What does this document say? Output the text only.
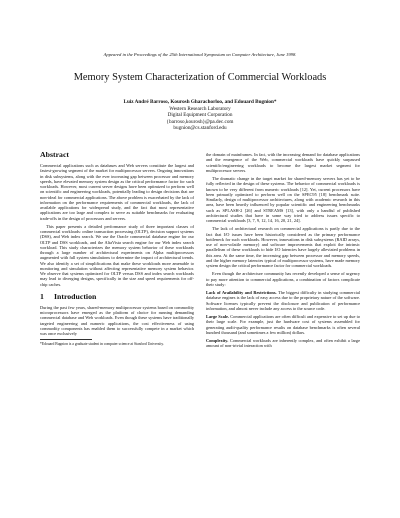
Appeared in the Proceedings of the 25th International Symposium on Computer Architecture, June 1998.
Memory System Characterization of Commercial Workloads
Luiz André Barroso, Kourosh Gharachorloo, and Edouard Bugnion*
Western Research Laboratory
Digital Equipment Corporation
{barroso,kourosh}@pa.dec.com
bugnion@cs.stanford.edu
Abstract

Commercial applications such as databases and Web servers constitute the largest and fastest-growing segment of the market for multiprocessor servers. Ongoing innovations in disk subsystems, along with the ever increasing gap between processor and memory speeds, have elevated memory system design as the critical performance factor for such workloads. However, most current server designs have been optimized to perform well on scientific and engineering workloads, potentially leading to design decisions that are non-ideal for commercial applications. The above problem is exacerbated by the lack of information on the performance requirements of commercial workloads, the lack of available applications for widespread study, and the fact that most representative applications are too large and complex to serve as suitable benchmarks for evaluating trade-offs in the design of processors and servers.

This paper presents a detailed performance study of three important classes of commercial workloads: online transaction processing (OLTP), decision support systems (DSS), and Web index search. We use the Oracle commercial database engine for our OLTP and DSS workloads, and the AltaVista search engine for our Web index search workload. This study characterizes the memory system behavior of these workloads through a large number of architectural experiments on Alpha multiprocessors augmented with full system simulations to determine the impact of architectural trends. We also identify a set of simplifications that make these workloads more amenable to monitoring and simulation without affecting representative memory system behavior. We observe that systems optimized for OLTP versus DSS and index search workloads may lead to diverging designs, specifically in the size and speed requirements for off-chip caches.

1 Introduction

During the past few years, shared-memory multiprocessor systems based on commodity microprocessors have emerged as the platform of choice for running demanding commercial database and Web workloads. Even though these systems have traditionally targeted engineering and numeric applications, the cost effectiveness of using commodity components has enabled them to successfully compete in a market which was once exclusively

*Edouard Bugnion is a graduate student in computer science at Stanford University.

the domain of mainframes. In fact, with the increasing demand for database applications and the emergence of the Web, commercial workloads have quickly surpassed scientific/engineering workloads to become the largest market segment for multiprocessor servers.

The dramatic change in the target market for shared-memory servers has yet to be fully reflected in the design of these systems. The behavior of commercial workloads is known to be very different from numeric workloads [12]. Yet, current processors have been primarily optimized to perform well on the SPEC95 [18] benchmark suite. Similarly, design of multiprocessor architectures, along with academic research in this area, have been heavily influenced by popular scientific and engineering benchmarks such as SPLASH-2 [26] and STREAMS [13], with only a handful of published architectural studies that have in some way tried to address issues specific to commercial workloads [3, 7, 9, 12, 14, 16, 20, 21, 24].

The lack of architectural research on commercial applications is partly due to the fact that I/O issues have been historically considered as the primary performance bottleneck for such workloads. However, innovations in disk subsystems (RAID arrays, use of non-volatile memory) and software improvements that exploit the intrinsic parallelism of these workloads to hide I/O latencies have largely alleviated problems in this area. At the same time, the increasing gap between processor and memory speeds, and the higher memory latencies typical of multiprocessor systems, have made memory system design the critical performance factor for commercial workloads.

Even though the architecture community has recently developed a sense of urgency to pay more attention to commercial applications, a combination of factors complicate their study:

Lack of Availability and Restrictions. The biggest difficulty in studying commercial database engines is the lack of easy access due to the proprietary nature of the software. Software licenses typically prevent the disclosure and publication of performance information, and almost never include any access to the source code.

Large Scale. Commercial applications are often difficult and expensive to set up due to their large scale. For example, just the hardware cost of systems assembled for generating audit-quality performance results on database benchmarks is often several hundred thousand (and sometimes a few million) dollars.

Complexity. Commercial workloads are inherently complex, and often exhibit a large amount of non-trivial interaction with
